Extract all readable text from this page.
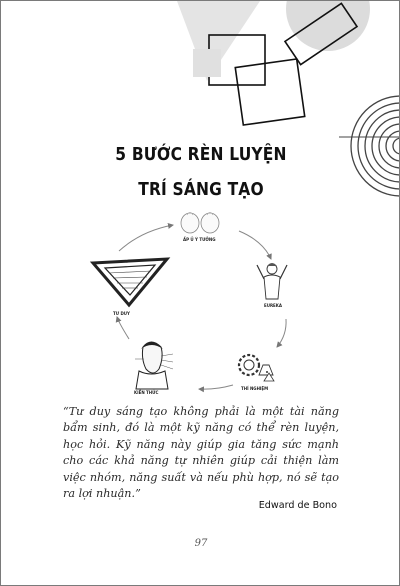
5 BƯỚC RÈN LUYỆN
TRÍ SÁNG TẠO
ẤP Ủ Ý TƯỞNG
EUREKA
THÍ NGHIỆM
KIẾN THỨC
TƯ DUY
“Tư duy sáng tạo không phải là một tài năng bẩm sinh, đó là một kỹ năng có thể rèn luyện, học hỏi. Kỹ năng này giúp gia tăng sức mạnh cho các khả năng tự nhiên giúp cải thiện làm việc nhóm, năng suất và nếu phù hợp, nó sẽ tạo ra lợi nhuận.”
Edward de Bono
97
